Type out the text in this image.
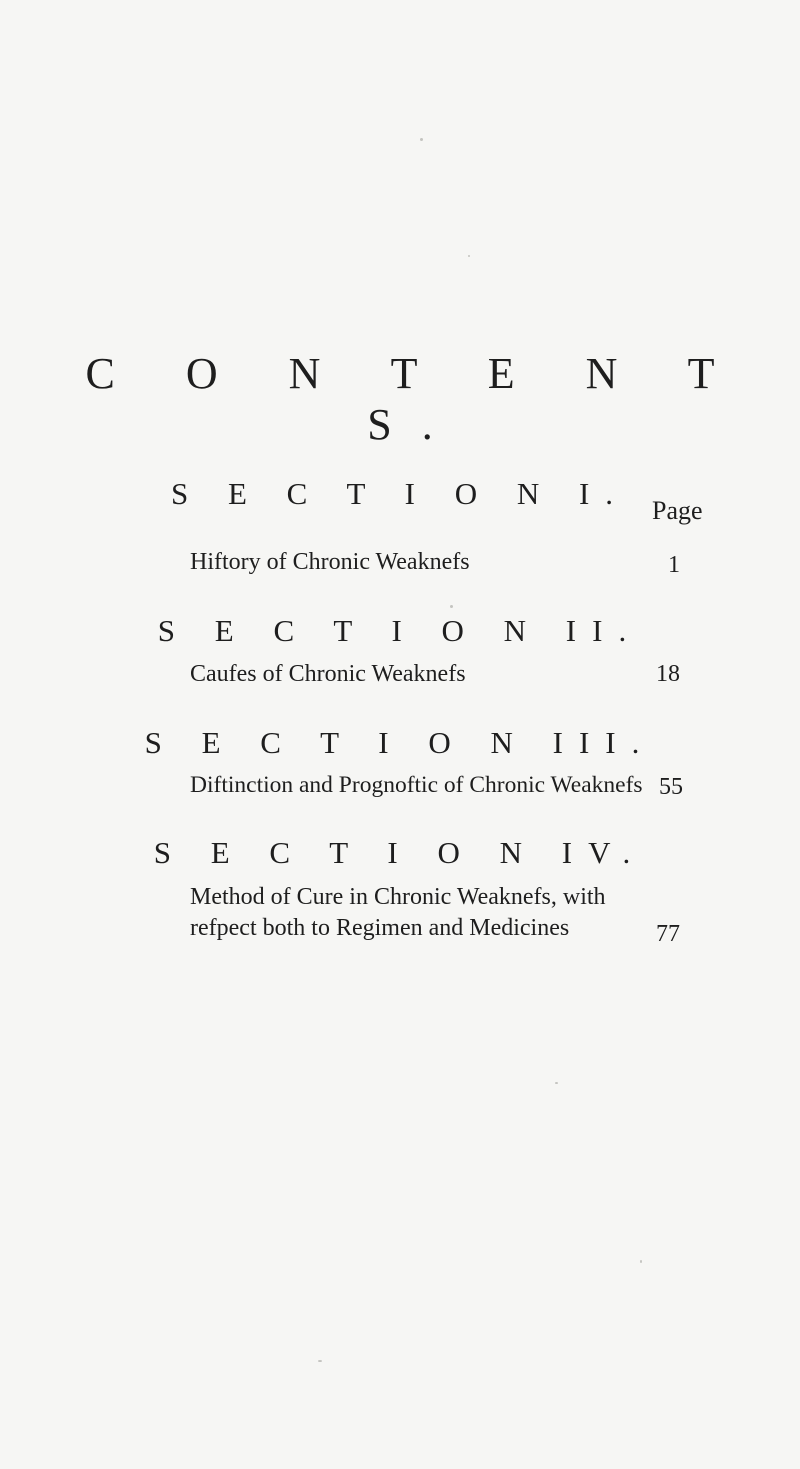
C O N T E N T S.
Page
S E C T I O N I.
Hiftory of Chronic Weaknefs	1
S E C T I O N II.
Caufes of Chronic Weaknefs	18
S E C T I O N III.
Diftinction and Prognoftic of Chronic Weaknefs 55
S E C T I O N IV.
Method of Cure in Chronic Weaknefs, with
refpect both to Regimen and Medicines	77
